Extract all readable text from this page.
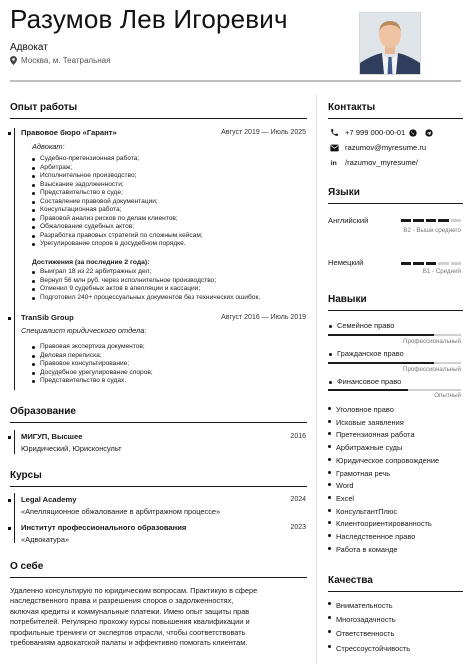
Разумов Лев Игоревич
Адвокат
Москва, м. Театральная
Опыт работы
Правовое бюро «Гарант»	Август 2019 — Июль 2025
Адвокат:
Судебно-претензионная работа;
Арбитраж;
Исполнительное производство;
Взыскание задолженности;
Представительство в суде;
Составление правовой документации;
Консультационная работа;
Правовой анализ рисков по делам клиентов;
Обжалование судебных актов;
Разработка правовых стратегий по сложным кейсам;
Урегулирование споров в досудебном порядке.
Достижения (за последние 2 года):
Выиграл 18 из 22 арбитражных дел;
Вернул 56 млн руб. через исполнительное производство;
Отменил 9 судебных актов в апелляции и кассации;
Подготовил 240+ процессуальных документов без технических ошибок.
TranSib Group	Август 2016 — Июль 2019
Специалист юридического отдела:
Правовая экспертиза документов;
Деловая переписка;
Правовое консультирование;
Досудебное урегулирование споров;
Представительство в судах.
Образование
МИГУП, Высшее	2016
Юридический, Юрисконсульт
Курсы
Legal Academy	2024
«Апелляционное обжалование в арбитражном процессе»
Институт профессионального образования	2023
«Адвокатура»
О себе
Удаленно консультирую по юридическим вопросам. Практикую в сфере
наследственного права и разрешения споров о задолженностях,
включая кредиты и коммунальные платежи. Имею опыт защиты прав
потребителей. Регулярно прохожу курсы повышения квалификации и
профильные тренинги от экспертов отрасли, чтобы соответствовать
требованиям адвокатской палаты и эффективно помогать клиентам.
Контакты
+7 999 000-00-01
razumov@myresume.ru
in /razumov_myresume/
Языки
Английский
B2 - Выше среднего
Немецкий
B1 - Средний
Навыки
Семейное право
Профессиональный
Гражданское право
Профессиональный
Финансовое право
Опытный
Уголовное право
Исковые заявления
Претензионная работа
Арбитражные суды
Юридическое сопровождение
Грамотная речь
Word
Excel
КонсультантПлюс
Клиентоориентированность
Наследственное право
Работа в команде
Качества
Внимательность
Многозадачность
Ответственность
Стрессоустойчивость
